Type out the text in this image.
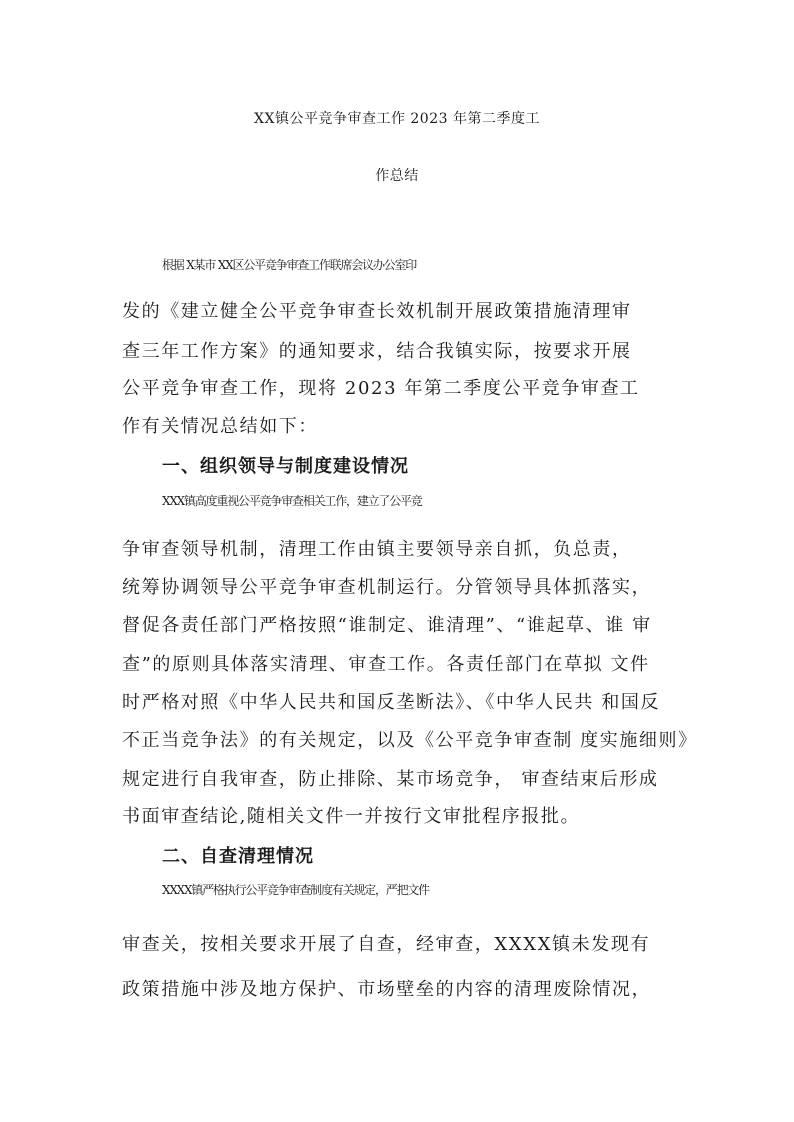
XX镇公平竞争审查工作 2023 年第二季度工
作总结
根据 X某市 XX区公平竞争审查工作联席会议办公室印
发的《建立健全公平竞争审查长效机制开展政策措施清理审
查三年工作方案》的通知要求，结合我镇实际，按要求开展
公平竞争审查工作，现将 2023 年第二季度公平竞争审查工
作有关情况总结如下：
一、组织领导与制度建设情况
XXX镇高度重视公平竞争审查相关工作，建立了公平竞
争审查领导机制，清理工作由镇主要领导亲自抓，负总责，
统筹协调领导公平竞争审查机制运行。分管领导具体抓落实，
督促各责任部门严格按照“谁制定、谁清理”、“谁起草、谁 审
查”的原则具体落实清理、审查工作。各责任部门在草拟 文件
时严格对照《中华人民共和国反垄断法》、《中华人民共 和国反
不正当竞争法》的有关规定，以及《公平竞争审查制 度实施细则》
规定进行自我审查，防止排除、某市场竞争， 审查结束后形成
书面审查结论,随相关文件一并按行文审批程序报批。
二、自查清理情况
XXXX镇严格执行公平竞争审查制度有关规定，严把文件
审查关，按相关要求开展了自查，经审查，XXXX镇未发现有
政策措施中涉及地方保护、市场壁垒的内容的清理废除情况，
